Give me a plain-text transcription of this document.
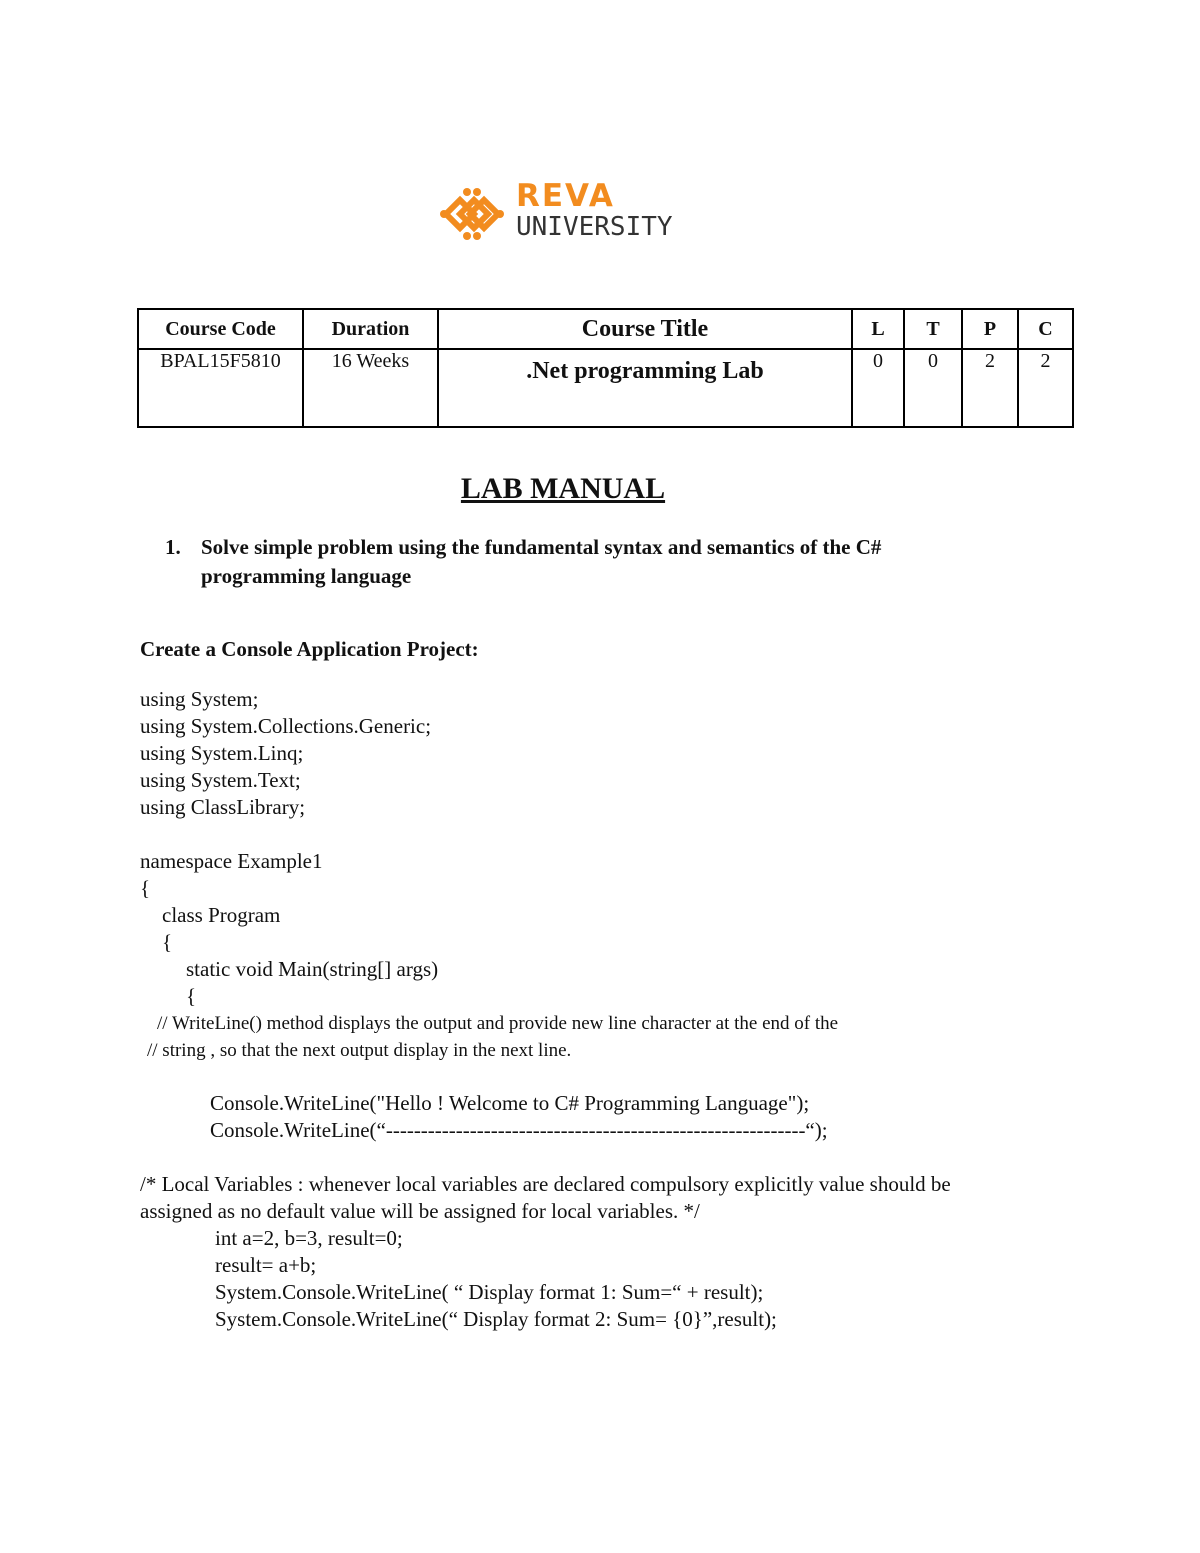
REVA
UNIVERSITY
Course Code	Duration	Course Title	L	T	P	C
BPAL15F5810	16 Weeks	.Net programming Lab	0	0	2	2
LAB MANUAL
1. Solve simple problem using the fundamental syntax and semantics of the C# programming language
Create a Console Application Project:
using System;
using System.Collections.Generic;
using System.Linq;
using System.Text;
using ClassLibrary;
namespace Example1
{
class Program
{
static void Main(string[] args)
{
// WriteLine() method displays the output and provide new line character at the end of the
// string , so that the next output display in the next line.
Console.WriteLine("Hello ! Welcome to C# Programming Language");
Console.WriteLine(“------------------------------------------------------------“);
/* Local Variables : whenever local variables are declared compulsory explicitly value should be
assigned as no default value will be assigned for local variables. */
int a=2, b=3, result=0;
result= a+b;
System.Console.WriteLine( “ Display format 1: Sum=“ + result);
System.Console.WriteLine(“ Display format 2: Sum= {0}”,result);
